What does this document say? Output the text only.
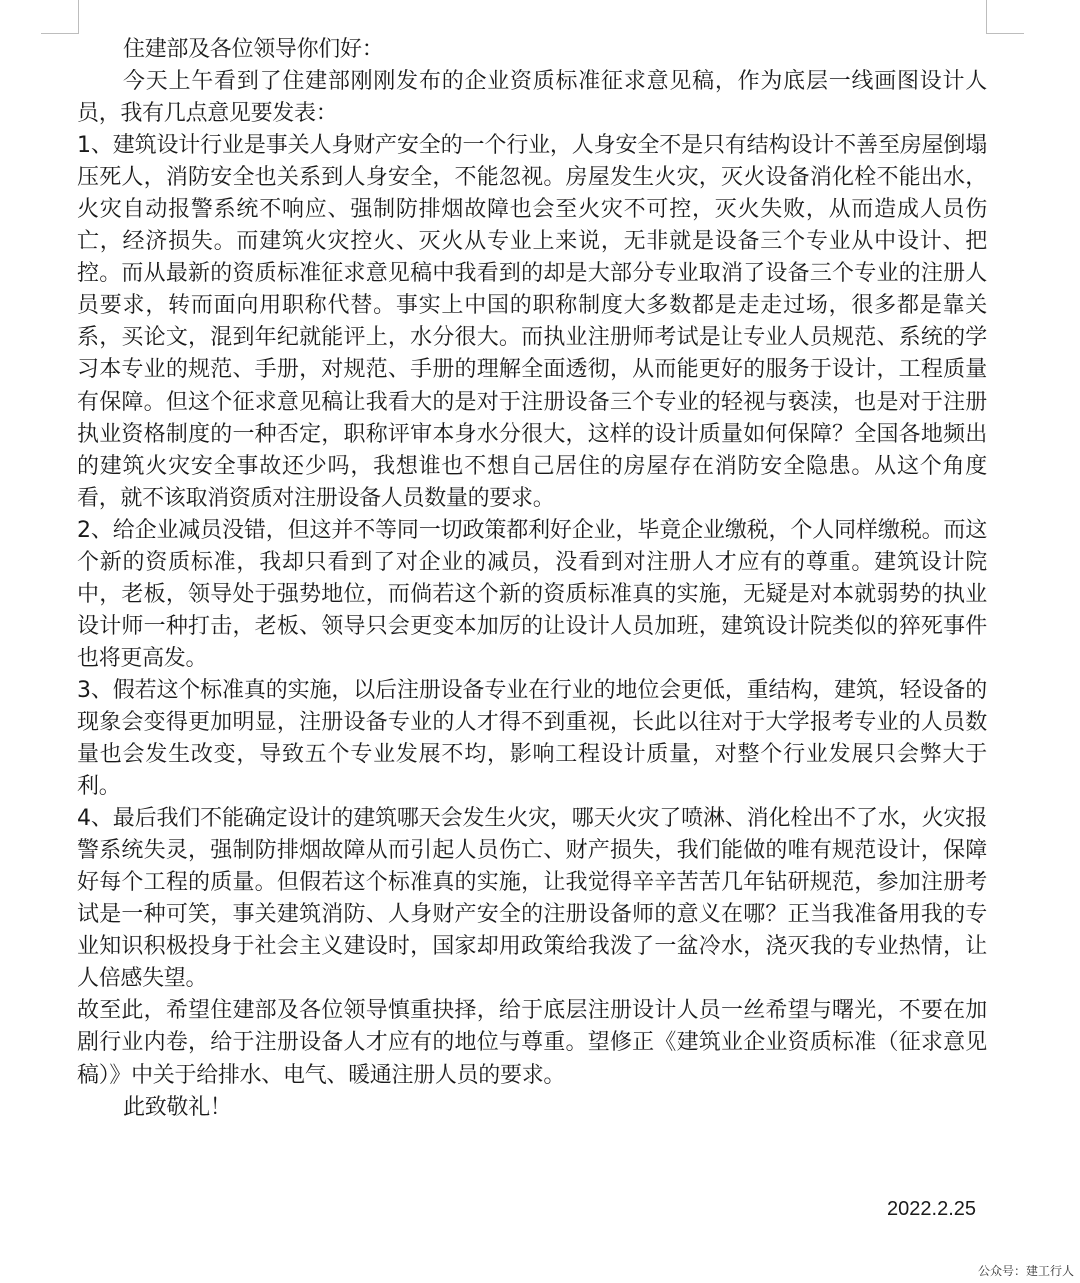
住建部及各位领导你们好：

今天上午看到了住建部刚刚发布的企业资质标准征求意见稿，作为底层一线画图设计人员，我有几点意见要发表：

1、建筑设计行业是事关人身财产安全的一个行业，人身安全不是只有结构设计不善至房屋倒塌压死人，消防安全也关系到人身安全，不能忽视。房屋发生火灾，灭火设备消化栓不能出水，火灾自动报警系统不响应、强制防排烟故障也会至火灾不可控，灭火失败，从而造成人员伤亡，经济损失。而建筑火灾控火、灭火从专业上来说，无非就是设备三个专业从中设计、把控。而从最新的资质标准征求意见稿中我看到的却是大部分专业取消了设备三个专业的注册人员要求，转而面向用职称代替。事实上中国的职称制度大多数都是走走过场，很多都是靠关系，买论文，混到年纪就能评上，水分很大。而执业注册师考试是让专业人员规范、系统的学习本专业的规范、手册，对规范、手册的理解全面透彻，从而能更好的服务于设计，工程质量有保障。但这个征求意见稿让我看大的是对于注册设备三个专业的轻视与亵渎，也是对于注册执业资格制度的一种否定，职称评审本身水分很大，这样的设计质量如何保障？全国各地频出的建筑火灾安全事故还少吗，我想谁也不想自己居住的房屋存在消防安全隐患。从这个角度看，就不该取消资质对注册设备人员数量的要求。

2、给企业减员没错，但这并不等同一切政策都利好企业，毕竟企业缴税，个人同样缴税。而这个新的资质标准，我却只看到了对企业的减员，没看到对注册人才应有的尊重。建筑设计院中，老板，领导处于强势地位，而倘若这个新的资质标准真的实施，无疑是对本就弱势的执业设计师一种打击，老板、领导只会更变本加厉的让设计人员加班，建筑设计院类似的猝死事件也将更高发。

3、假若这个标准真的实施，以后注册设备专业在行业的地位会更低，重结构，建筑，轻设备的现象会变得更加明显，注册设备专业的人才得不到重视，长此以往对于大学报考专业的人员数量也会发生改变，导致五个专业发展不均，影响工程设计质量，对整个行业发展只会弊大于利。

4、最后我们不能确定设计的建筑哪天会发生火灾，哪天火灾了喷淋、消化栓出不了水，火灾报警系统失灵，强制防排烟故障从而引起人员伤亡、财产损失，我们能做的唯有规范设计，保障好每个工程的质量。但假若这个标准真的实施，让我觉得辛辛苦苦几年钻研规范，参加注册考试是一种可笑，事关建筑消防、人身财产安全的注册设备师的意义在哪？正当我准备用我的专业知识积极投身于社会主义建设时，国家却用政策给我泼了一盆冷水，浇灭我的专业热情，让人倍感失望。

故至此，希望住建部及各位领导慎重抉择，给于底层注册设计人员一丝希望与曙光，不要在加剧行业内卷，给于注册设备人才应有的地位与尊重。望修正《建筑业企业资质标准（征求意见稿）》中关于给排水、电气、暖通注册人员的要求。

此致敬礼！

2022.2.25
公众号：建工行人
